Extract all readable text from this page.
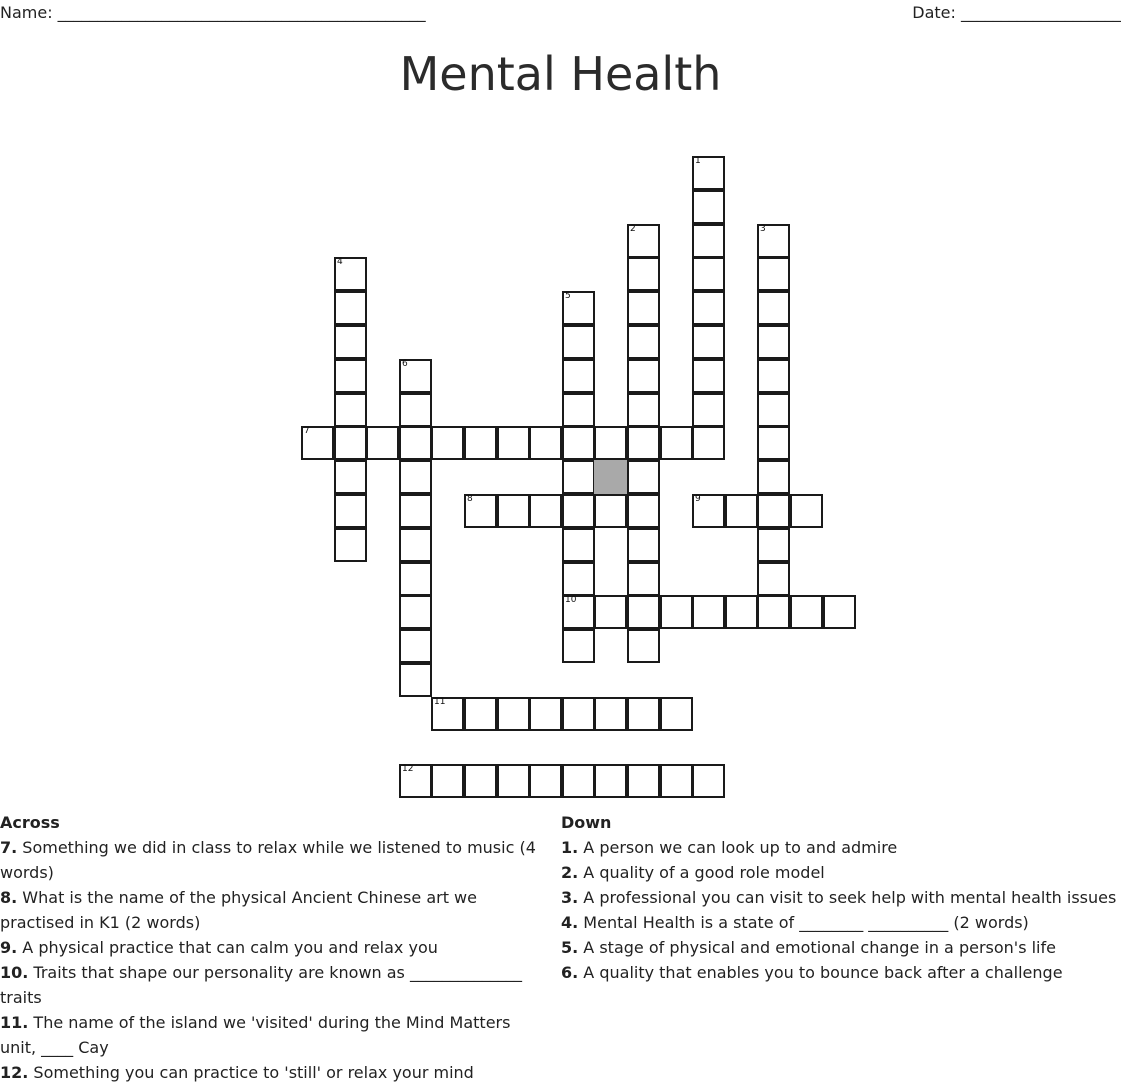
Name: ______________________________________________	Date: ____________________
Mental Health
1
2	3
4
5
10
6
7
8	9
11
12
Across
7. Something we did in class to relax while we listened to music (4 words)
8. What is the name of the physical Ancient Chinese art we practised in K1 (2 words)
9. A physical practice that can calm you and relax you
10. Traits that shape our personality are known as ______________ traits
11. The name of the island we 'visited' during the Mind Matters unit, ____ Cay
12. Something you can practice to 'still' or relax your mind
Down
1. A person we can look up to and admire
2. A quality of a good role model
3. A professional you can visit to seek help with mental health issues
4. Mental Health is a state of ________ __________ (2 words)
5. A stage of physical and emotional change in a person's life
6. A quality that enables you to bounce back after a challenge
